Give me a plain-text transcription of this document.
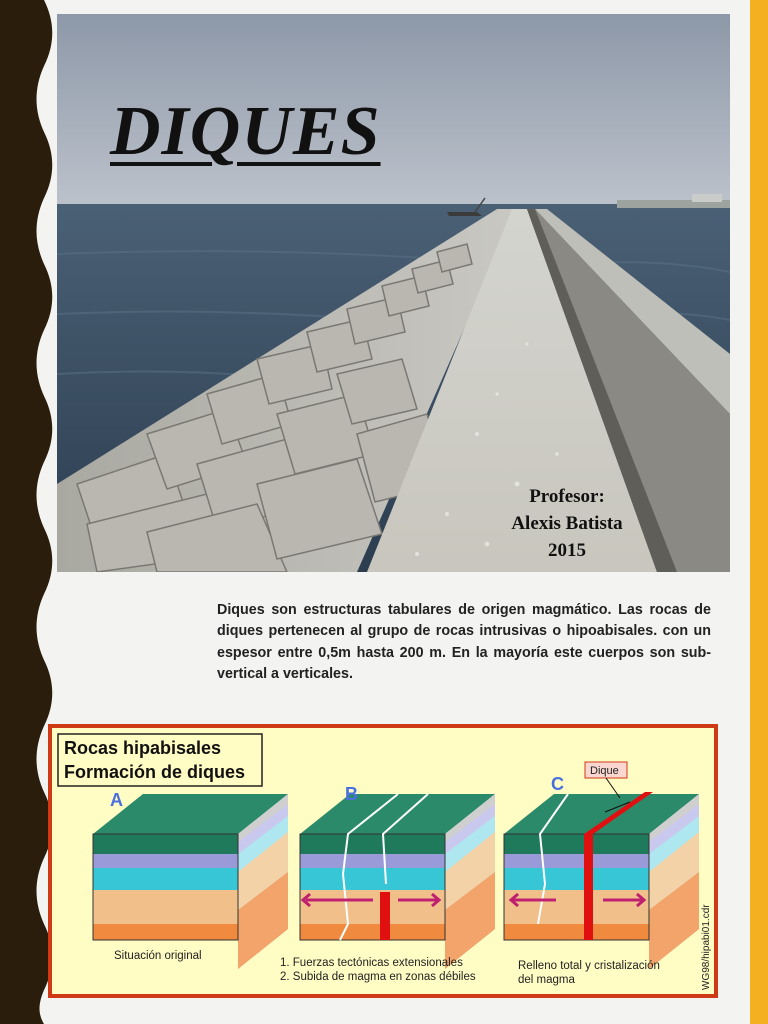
DIQUES
Profesor:
Alexis Batista
2015

Diques son estructuras tabulares de origen magmático. Las rocas de diques pertenecen al grupo de rocas intrusivas o hipoabisales. con un espesor entre 0,5m hasta 200 m. En la mayoría este cuerpos son sub-vertical a verticales.

Rocas hipabisales
Formación de diques
A	B	C
Dique
Situación original
1. Fuerzas tectónicas extensionales
2. Subida de magma en zonas débiles
Relleno total y cristalización
del magma	WG98/hipabi01.cdr
